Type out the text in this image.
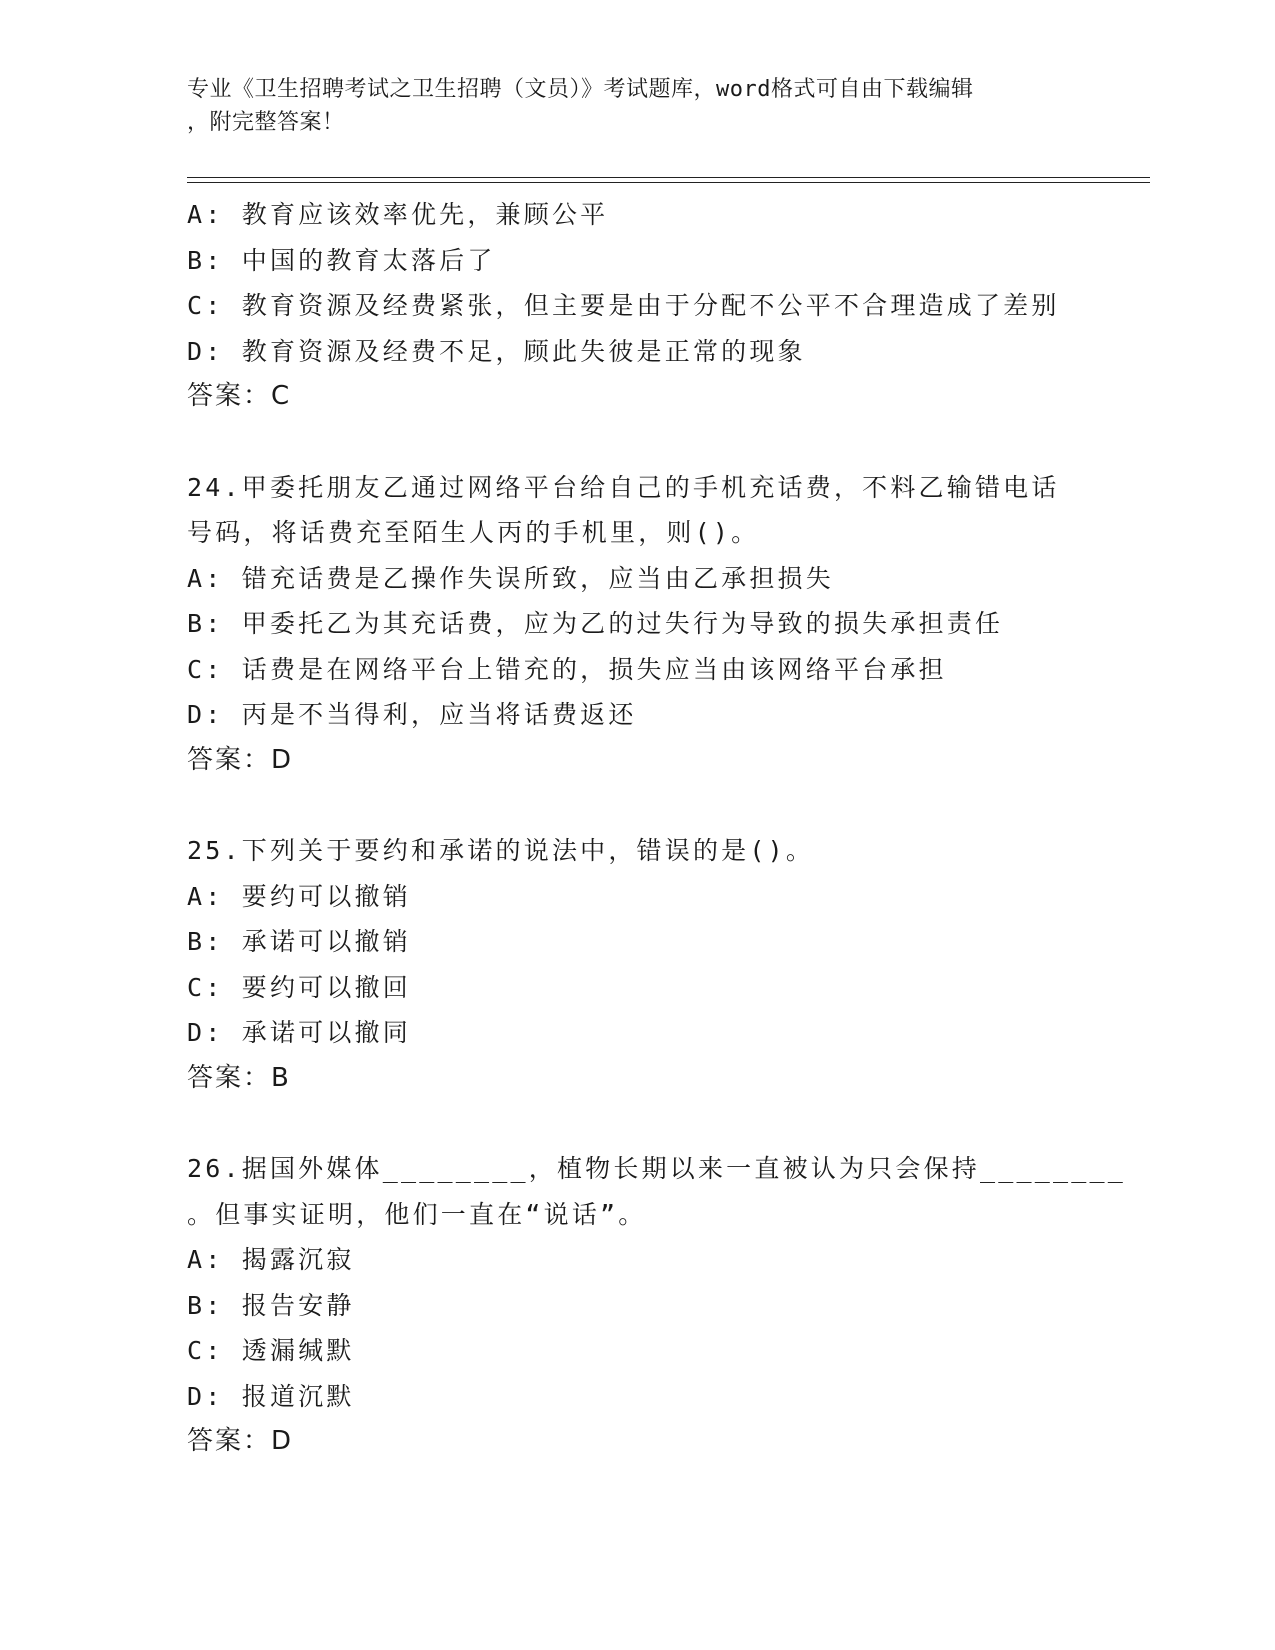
专业《卫生招聘考试之卫生招聘（文员）》考试题库，word格式可自由下载编辑
，附完整答案！
A: 教育应该效率优先，兼顾公平
B: 中国的教育太落后了
C: 教育资源及经费紧张，但主要是由于分配不公平不合理造成了差别
D: 教育资源及经费不足，顾此失彼是正常的现象
答案：C
24.甲委托朋友乙通过网络平台给自己的手机充话费，不料乙输错电话
号码，将话费充至陌生人丙的手机里，则()。
A: 错充话费是乙操作失误所致，应当由乙承担损失
B: 甲委托乙为其充话费，应为乙的过失行为导致的损失承担责任
C: 话费是在网络平台上错充的，损失应当由该网络平台承担
D: 丙是不当得利，应当将话费返还
答案：D
25.下列关于要约和承诺的说法中，错误的是()。
A: 要约可以撤销
B: 承诺可以撤销
C: 要约可以撤回
D: 承诺可以撤同
答案：B
26.据国外媒体________，植物长期以来一直被认为只会保持________
。但事实证明，他们一直在“说话”。
A: 揭露沉寂
B: 报告安静
C: 透漏缄默
D: 报道沉默
答案：D
